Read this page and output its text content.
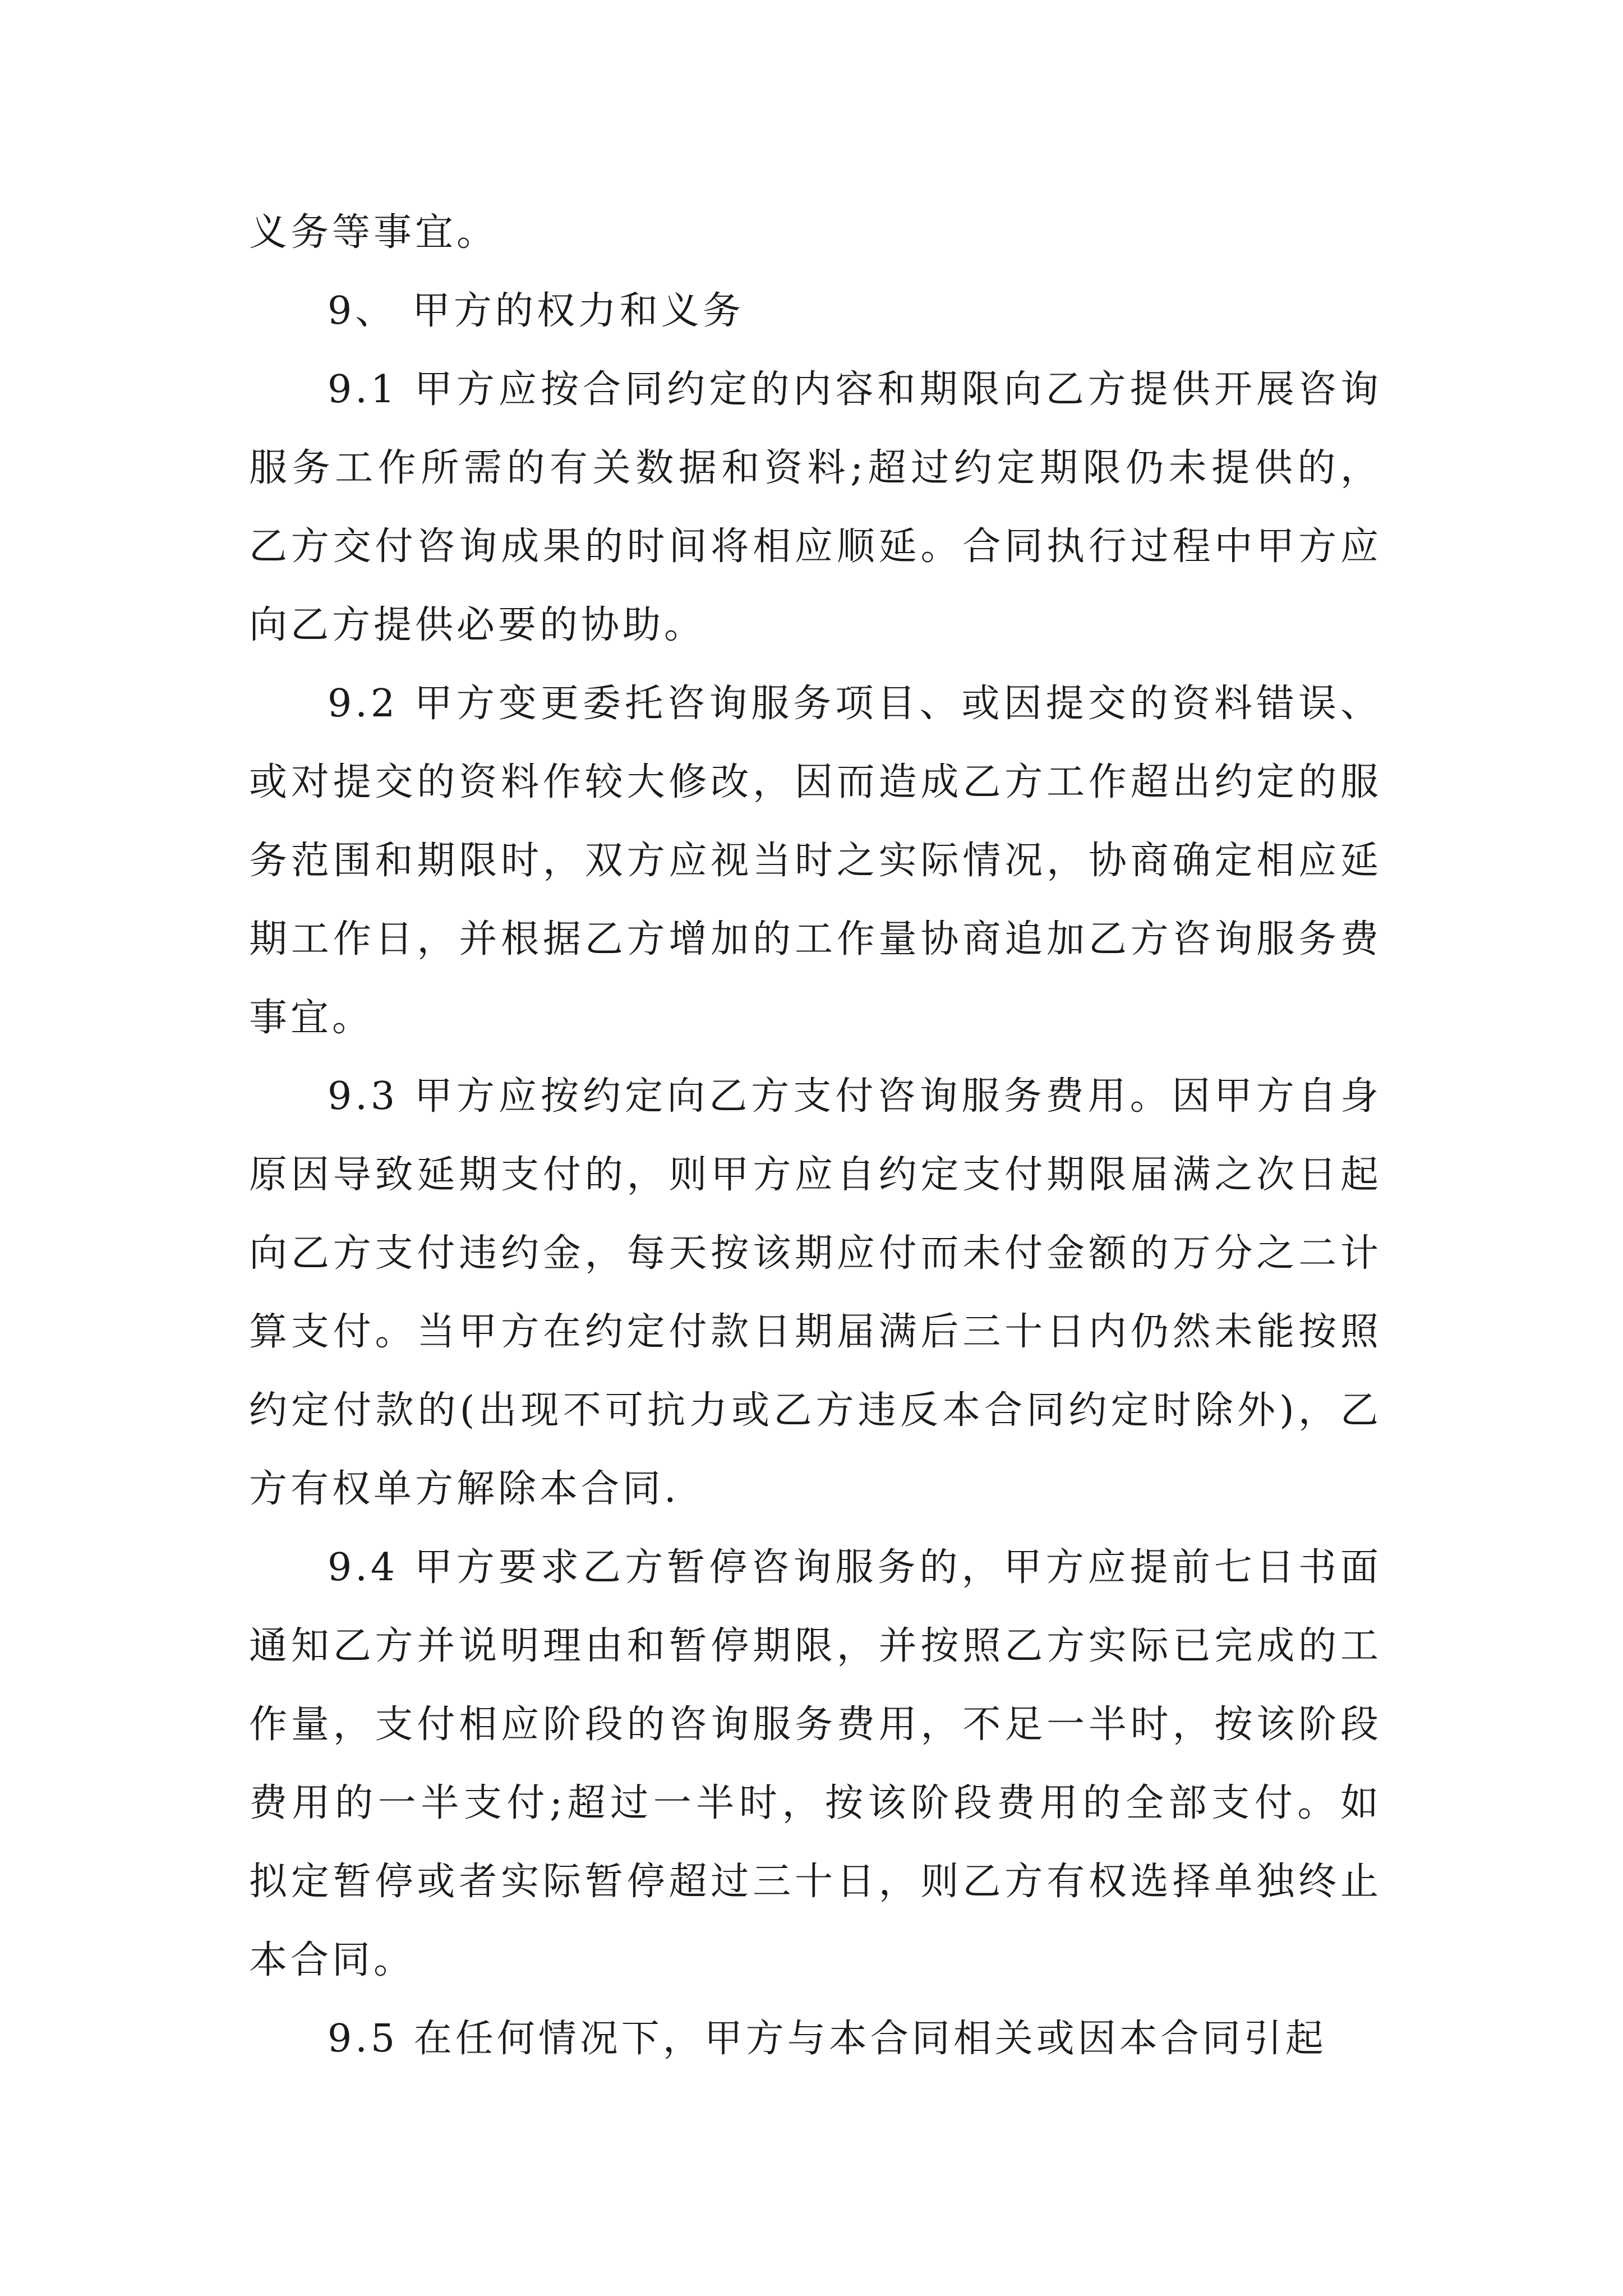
义务等事宜。

9、 甲方的权力和义务

9.1 甲方应按合同约定的内容和期限向乙方提供开展咨询服务工作所需的有关数据和资料;超过约定期限仍未提供的，乙方交付咨询成果的时间将相应顺延。合同执行过程中甲方应向乙方提供必要的协助。

9.2 甲方变更委托咨询服务项目、或因提交的资料错误、或对提交的资料作较大修改，因而造成乙方工作超出约定的服务范围和期限时，双方应视当时之实际情况，协商确定相应延期工作日，并根据乙方增加的工作量协商追加乙方咨询服务费事宜。

9.3 甲方应按约定向乙方支付咨询服务费用。因甲方自身原因导致延期支付的，则甲方应自约定支付期限届满之次日起向乙方支付违约金，每天按该期应付而未付金额的万分之二计算支付。当甲方在约定付款日期届满后三十日内仍然未能按照约定付款的(出现不可抗力或乙方违反本合同约定时除外)，乙方有权单方解除本合同.

9.4 甲方要求乙方暂停咨询服务的，甲方应提前七日书面通知乙方并说明理由和暂停期限，并按照乙方实际已完成的工作量，支付相应阶段的咨询服务费用，不足一半时，按该阶段费用的一半支付;超过一半时，按该阶段费用的全部支付。如拟定暂停或者实际暂停超过三十日，则乙方有权选择单独终止本合同。

9.5 在任何情况下，甲方与本合同相关或因本合同引起
